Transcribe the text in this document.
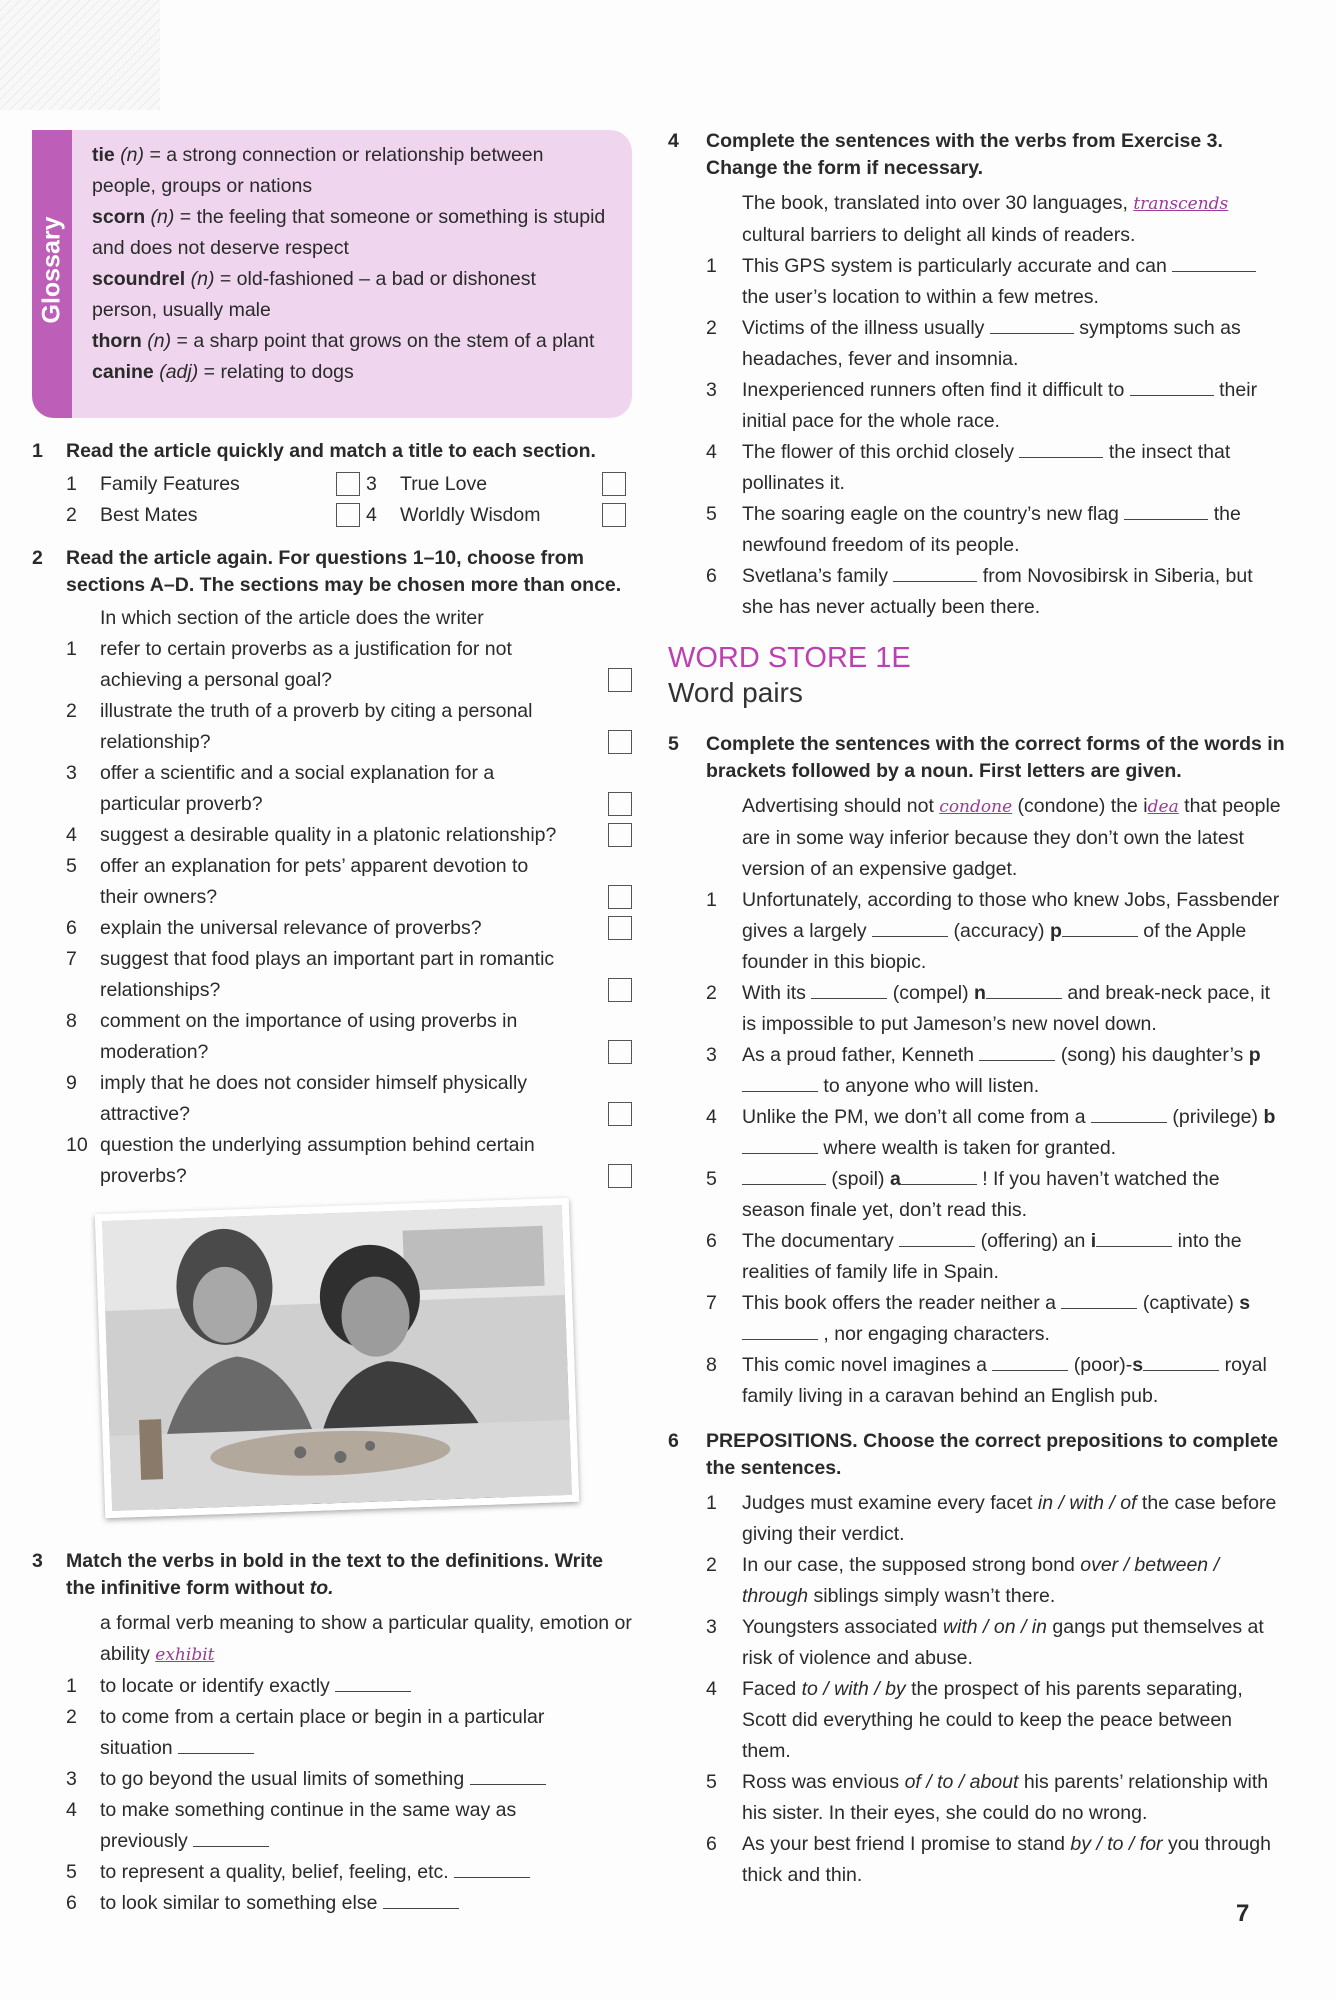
Glossary
tie (n) = a strong connection or relationship between people, groups or nations
scorn (n) = the feeling that someone or something is stupid and does not deserve respect
scoundrel (n) = old-fashioned – a bad or dishonest person, usually male
thorn (n) = a sharp point that grows on the stem of a plant
canine (adj) = relating to dogs
1	Read the article quickly and match a title to each section.
1	Family Features	3	True Love
2	Best Mates	4	Worldly Wisdom
2	Read the article again. For questions 1–10, choose from sections A–D. The sections may be chosen more than once.
In which section of the article does the writer
1	refer to certain proverbs as a justification for not achieving a personal goal?
2	illustrate the truth of a proverb by citing a personal relationship?
3	offer a scientific and a social explanation for a particular proverb?
4	suggest a desirable quality in a platonic relationship?
5	offer an explanation for pets’ apparent devotion to their owners?
6	explain the universal relevance of proverbs?
7	suggest that food plays an important part in romantic relationships?
8	comment on the importance of using proverbs in moderation?
9	imply that he does not consider himself physically attractive?
10 question the underlying assumption behind certain proverbs?
3	Match the verbs in bold in the text to the definitions. Write the infinitive form without to.
a formal verb meaning to show a particular quality, emotion or ability exhibit
1	to locate or identify exactly
2	to come from a certain place or begin in a particular situation
3	to go beyond the usual limits of something
4	to make something continue in the same way as previously
5	to represent a quality, belief, feeling, etc.
6	to look similar to something else
4	Complete the sentences with the verbs from Exercise 3. Change the form if necessary.
The book, translated into over 30 languages, transcends cultural barriers to delight all kinds of readers.
1	This GPS system is particularly accurate and can  the user’s location to within a few metres.
2	Victims of the illness usually	symptoms such as headaches, fever and insomnia.
3	Inexperienced runners often find it difficult to	their initial pace for the whole race.
4	The flower of this orchid closely	the insect that pollinates it.
5	The soaring eagle on the country’s new flag	the newfound freedom of its people.
6	Svetlana’s family	from Novosibirsk in Siberia, but she has never actually been there.
WORD STORE 1E
Word pairs
5	Complete the sentences with the correct forms of the words in brackets followed by a noun. First letters are given.
Advertising should not condone (condone) the idea that people are in some way inferior because they don’t own the latest version of an expensive gadget.
1	Unfortunately, according to those who knew Jobs, Fassbender gives a largely	(accuracy) p	of the Apple founder in this biopic.
2	With its	(compel) n	and break-neck pace, it is impossible to put Jameson’s new novel down.
3	As a proud father, Kenneth	(song) his daughter’s p to anyone who will listen.
4	Unlike the PM, we don’t all come from a	(privilege) b where wealth is taken for granted.
5	(spoil) a	! If you haven’t watched the season finale yet, don’t read this.
6	The documentary	(offering) an i	into the realities of family life in Spain.
7	This book offers the reader neither a	(captivate) s , nor engaging characters.
8	This comic novel imagines a	(poor)-s	royal family living in a caravan behind an English pub.
6	PREPOSITIONS. Choose the correct prepositions to complete the sentences.
1	Judges must examine every facet in / with / of the case before giving their verdict.
2	In our case, the supposed strong bond over / between / through siblings simply wasn’t there.
3	Youngsters associated with / on / in gangs put themselves at risk of violence and abuse.
4	Faced to / with / by the prospect of his parents separating, Scott did everything he could to keep the peace between them.
5	Ross was envious of / to / about his parents’ relationship with his sister. In their eyes, she could do no wrong.
6	As your best friend I promise to stand by / to / for you through thick and thin.
7
